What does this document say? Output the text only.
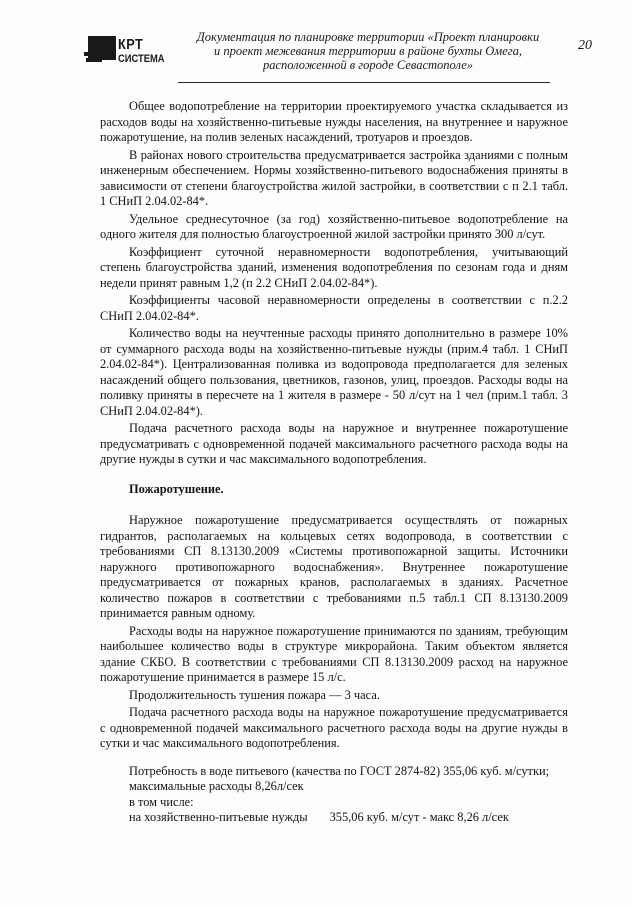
КРТ
СИСТЕМА
Документация по планировке территории «Проект планировки
и проект межевания территории в районе бухты Омега,
расположенной в городе Севастополе»
20

Общее водопотребление на территории проектируемого участка складывается из расходов воды на хозяйственно-питьевые нужды населения, на внутреннее и наружное пожаротушение, на полив зеленых насаждений, тротуаров и проездов.

В районах нового строительства предусматривается застройка зданиями с полным инженерным обеспечением. Нормы хозяйственно-питьевого водоснабжения приняты в зависимости от степени благоустройства жилой застройки, в соответствии с п 2.1 табл. 1 СНиП 2.04.02-84*.

Удельное среднесуточное (за год) хозяйственно-питьевое водопотребление на одного жителя для полностью благоустроенной жилой застройки принято 300 л/сут.

Коэффициент суточной неравномерности водопотребления, учитывающий степень благоустройства зданий, изменения водопотребления по сезонам года и дням недели принят равным 1,2 (п 2.2 СНиП 2.04.02-84*).

Коэффициенты часовой неравномерности определены в соответствии с п.2.2 СНиП 2.04.02-84*.

Количество воды на неучтенные расходы принято дополнительно в размере 10% от суммарного расхода воды на хозяйственно-питьевые нужды (прим.4 табл. 1 СНиП 2.04.02-84*). Централизованная поливка из водопровода предполагается для зеленых насаждений общего пользования, цветников, газонов, улиц, проездов. Расходы воды на поливку приняты в пересчете на 1 жителя в размере - 50 л/сут на 1 чел (прим.1 табл. 3 СНиП 2.04.02-84*).

Подача расчетного расхода воды на наружное и внутреннее пожаротушение предусматривать с одновременной подачей максимального расчетного расхода воды на другие нужды в сутки и час максимального водопотребления.

Пожаротушение.

Наружное пожаротушение предусматривается осуществлять от пожарных гидрантов, располагаемых на кольцевых сетях водопровода, в соответствии с требованиями СП 8.13130.2009 «Системы противопожарной защиты. Источники наружного противопожарного водоснабжения». Внутреннее пожаротушение предусматривается от пожарных кранов, располагаемых в зданиях. Расчетное количество пожаров в соответствии с требованиями п.5 табл.1 СП 8.13130.2009 принимается равным одному.

Расходы воды на наружное пожаротушение принимаются по зданиям, требующим наибольшее количество воды в структуре микрорайона. Таким объектом является здание СКБО. В соответствии с требованиями СП 8.13130.2009 расход на наружное пожаротушение принимается в размере 15 л/с.

Продолжительность тушения пожара — 3 часа.

Подача расчетного расхода воды на наружное пожаротушение предусматривается с одновременной подачей максимального расчетного расхода воды на другие нужды в сутки и час максимального водопотребления.

Потребность в воде питьевого (качества по ГОСТ 2874-82) 355,06 куб. м/сутки;
максимальные расходы 8,26л/сек
в том числе:
на хозяйственно-питьевые нужды 355,06 куб. м/сут - макс 8,26 л/сек
